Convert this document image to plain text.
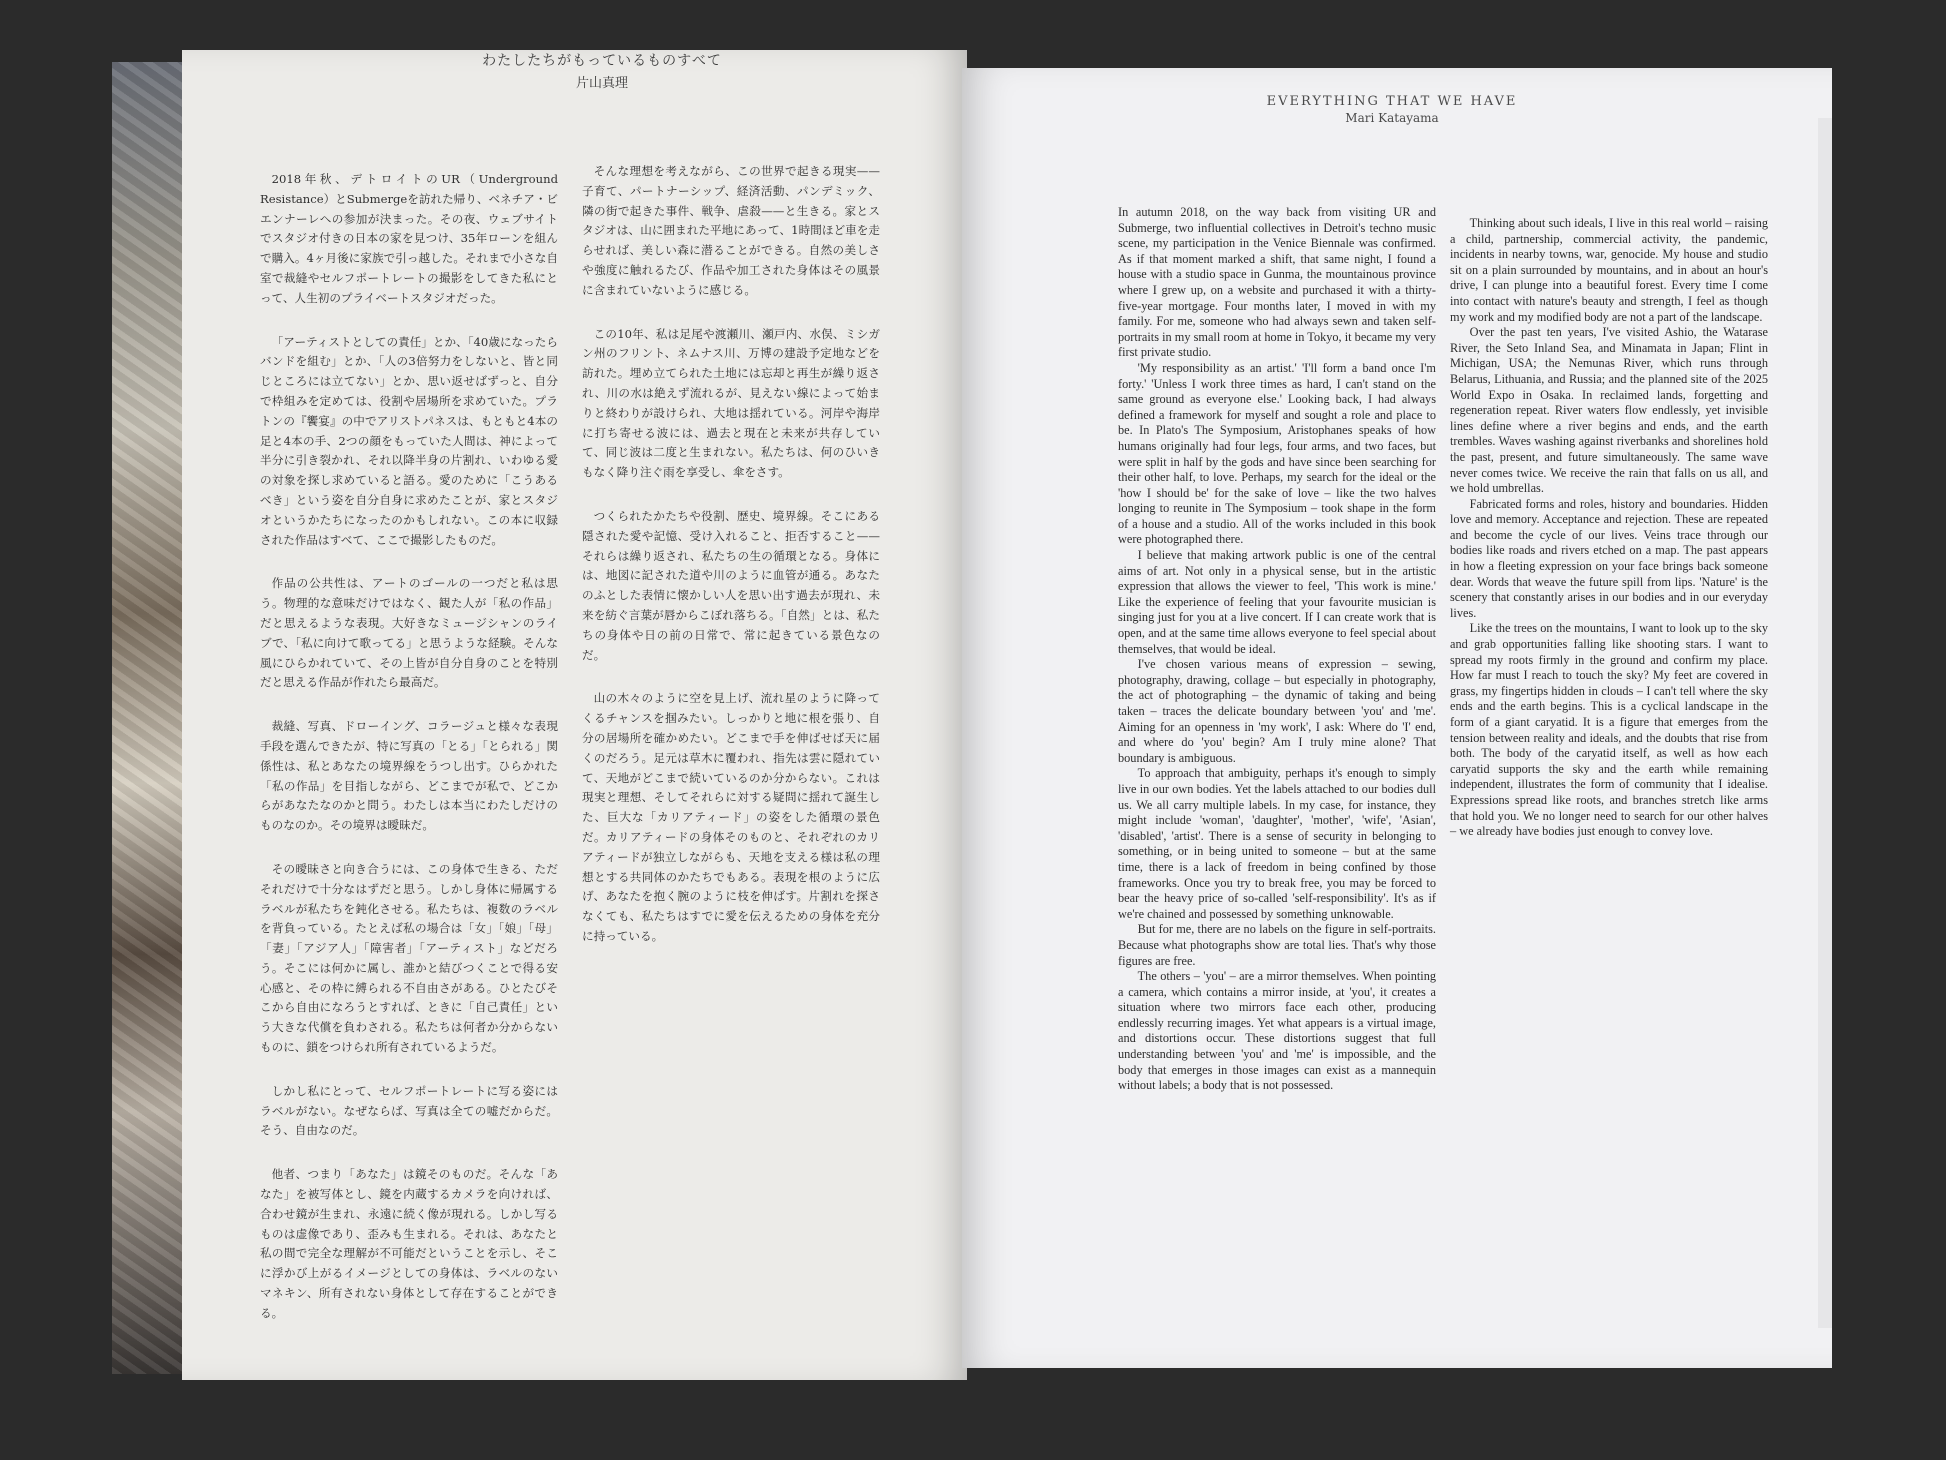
わたしたちがもっているものすべて
片山真理

2018年秋、デトロイトのUR（Underground Resistance）とSubmergeを訪れた帰り、ベネチア・ビエンナーレへの参加が決まった。その夜、ウェブサイトでスタジオ付きの日本の家を見つけ、35年ローンを組んで購入。4ヶ月後に家族で引っ越した。それまで小さな自室で裁縫やセルフポートレートの撮影をしてきた私にとって、人生初のプライベートスタジオだった。

「アーティストとしての責任」とか、「40歳になったらバンドを組む」とか、「人の3倍努力をしないと、皆と同じところには立てない」とか、思い返せばずっと、自分で枠組みを定めては、役割や居場所を求めていた。プラトンの『饗宴』の中でアリストパネスは、もともと4本の足と4本の手、2つの顔をもっていた人間は、神によって半分に引き裂かれ、それ以降半身の片割れ、いわゆる愛の対象を探し求めていると語る。愛のために「こうあるべき」という姿を自分自身に求めたことが、家とスタジオというかたちになったのかもしれない。この本に収録された作品はすべて、ここで撮影したものだ。

作品の公共性は、アートのゴールの一つだと私は思う。物理的な意味だけではなく、観た人が「私の作品」だと思えるような表現。大好きなミュージシャンのライブで、「私に向けて歌ってる」と思うような経験。そんな風にひらかれていて、その上皆が自分自身のことを特別だと思える作品が作れたら最高だ。

裁縫、写真、ドローイング、コラージュと様々な表現手段を選んできたが、特に写真の「とる」「とられる」関係性は、私とあなたの境界線をうつし出す。ひらかれた「私の作品」を目指しながら、どこまでが私で、どこからがあなたなのかと問う。わたしは本当にわたしだけのものなのか。その境界は曖昧だ。

その曖昧さと向き合うには、この身体で生きる、ただそれだけで十分なはずだと思う。しかし身体に帰属するラベルが私たちを鈍化させる。私たちは、複数のラベルを背負っている。たとえば私の場合は「女」「娘」「母」「妻」「アジア人」「障害者」「アーティスト」などだろう。そこには何かに属し、誰かと結びつくことで得る安心感と、その枠に縛られる不自由さがある。ひとたびそこから自由になろうとすれば、ときに「自己責任」という大きな代償を負わされる。私たちは何者か分からないものに、鎖をつけられ所有されているようだ。

しかし私にとって、セルフポートレートに写る姿にはラベルがない。なぜならば、写真は全ての嘘だからだ。そう、自由なのだ。

他者、つまり「あなた」は鏡そのものだ。そんな「あなた」を被写体とし、鏡を内蔵するカメラを向ければ、合わせ鏡が生まれ、永遠に続く像が現れる。しかし写るものは虚像であり、歪みも生まれる。それは、あなたと私の間で完全な理解が不可能だということを示し、そこに浮かび上がるイメージとしての身体は、ラベルのないマネキン、所有されない身体として存在することができる。

そんな理想を考えながら、この世界で起きる現実——子育て、パートナーシップ、経済活動、パンデミック、隣の街で起きた事件、戦争、虐殺——と生きる。家とスタジオは、山に囲まれた平地にあって、1時間ほど車を走らせれば、美しい森に潜ることができる。自然の美しさや強度に触れるたび、作品や加工された身体はその風景に含まれていないように感じる。

この10年、私は足尾や渡瀬川、瀬戸内、水俣、ミシガン州のフリント、ネムナス川、万博の建設予定地などを訪れた。埋め立てられた土地には忘却と再生が繰り返され、川の水は絶えず流れるが、見えない線によって始まりと終わりが設けられ、大地は揺れている。河岸や海岸に打ち寄せる波には、過去と現在と未来が共存していて、同じ波は二度と生まれない。私たちは、何のひいきもなく降り注ぐ雨を享受し、傘をさす。

つくられたかたちや役割、歴史、境界線。そこにある隠された愛や記憶、受け入れること、拒否すること——それらは繰り返され、私たちの生の循環となる。身体には、地図に記された道や川のように血管が通る。あなたのふとした表情に懐かしい人を思い出す過去が現れ、未来を紡ぐ言葉が唇からこぼれ落ちる。「自然」とは、私たちの身体や日の前の日常で、常に起きている景色なのだ。

山の木々のように空を見上げ、流れ星のように降ってくるチャンスを掴みたい。しっかりと地に根を張り、自分の居場所を確かめたい。どこまで手を伸ばせば天に届くのだろう。足元は草木に覆われ、指先は雲に隠れていて、天地がどこまで続いているのか分からない。これは現実と理想、そしてそれらに対する疑問に揺れて誕生した、巨大な「カリアティード」の姿をした循環の景色だ。カリアティードの身体そのものと、それぞれのカリアティードが独立しながらも、天地を支える様は私の理想とする共同体のかたちでもある。表現を根のように広げ、あなたを抱く腕のように枝を伸ばす。片割れを探さなくても、私たちはすでに愛を伝えるための身体を充分に持っている。

EVERYTHING THAT WE HAVE
Mari Katayama

In autumn 2018, on the way back from visiting UR and Submerge, two influential collectives in Detroit's techno music scene, my participation in the Venice Biennale was confirmed. As if that moment marked a shift, that same night, I found a house with a studio space in Gunma, the mountainous province where I grew up, on a website and purchased it with a thirty-five-year mortgage. Four months later, I moved in with my family. For me, someone who had always sewn and taken self-portraits in my small room at home in Tokyo, it became my very first private studio.

'My responsibility as an artist.' 'I'll form a band once I'm forty.' 'Unless I work three times as hard, I can't stand on the same ground as everyone else.' Looking back, I had always defined a framework for myself and sought a role and place to be. In Plato's The Symposium, Aristophanes speaks of how humans originally had four legs, four arms, and two faces, but were split in half by the gods and have since been searching for their other half, to love. Perhaps, my search for the ideal or the 'how I should be' for the sake of love – like the two halves longing to reunite in The Symposium – took shape in the form of a house and a studio. All of the works included in this book were photographed there.

I believe that making artwork public is one of the central aims of art. Not only in a physical sense, but in the artistic expression that allows the viewer to feel, 'This work is mine.' Like the experience of feeling that your favourite musician is singing just for you at a live concert. If I can create work that is open, and at the same time allows everyone to feel special about themselves, that would be ideal.

I've chosen various means of expression – sewing, photography, drawing, collage – but especially in photography, the act of photographing – the dynamic of taking and being taken – traces the delicate boundary between 'you' and 'me'. Aiming for an openness in 'my work', I ask: Where do 'I' end, and where do 'you' begin? Am I truly mine alone? That boundary is ambiguous.

To approach that ambiguity, perhaps it's enough to simply live in our own bodies. Yet the labels attached to our bodies dull us. We all carry multiple labels. In my case, for instance, they might include 'woman', 'daughter', 'mother', 'wife', 'Asian', 'disabled', 'artist'. There is a sense of security in belonging to something, or in being united to someone – but at the same time, there is a lack of freedom in being confined by those frameworks. Once you try to break free, you may be forced to bear the heavy price of so-called 'self-responsibility'. It's as if we're chained and possessed by something unknowable.

But for me, there are no labels on the figure in self-portraits. Because what photographs show are total lies. That's why those figures are free.

The others – 'you' – are a mirror themselves. When pointing a camera, which contains a mirror inside, at 'you', it creates a situation where two mirrors face each other, producing endlessly recurring images. Yet what appears is a virtual image, and distortions occur. These distortions suggest that full understanding between 'you' and 'me' is impossible, and the body that emerges in those images can exist as a mannequin without labels; a body that is not possessed.

Thinking about such ideals, I live in this real world – raising a child, partnership, commercial activity, the pandemic, incidents in nearby towns, war, genocide. My house and studio sit on a plain surrounded by mountains, and in about an hour's drive, I can plunge into a beautiful forest. Every time I come into contact with nature's beauty and strength, I feel as though my work and my modified body are not a part of the landscape.

Over the past ten years, I've visited Ashio, the Watarase River, the Seto Inland Sea, and Minamata in Japan; Flint in Michigan, USA; the Nemunas River, which runs through Belarus, Lithuania, and Russia; and the planned site of the 2025 World Expo in Osaka. In reclaimed lands, forgetting and regeneration repeat. River waters flow endlessly, yet invisible lines define where a river begins and ends, and the earth trembles. Waves washing against riverbanks and shorelines hold the past, present, and future simultaneously. The same wave never comes twice. We receive the rain that falls on us all, and we hold umbrellas.

Fabricated forms and roles, history and boundaries. Hidden love and memory. Acceptance and rejection. These are repeated and become the cycle of our lives. Veins trace through our bodies like roads and rivers etched on a map. The past appears in how a fleeting expression on your face brings back someone dear. Words that weave the future spill from lips. 'Nature' is the scenery that constantly arises in our bodies and in our everyday lives.

Like the trees on the mountains, I want to look up to the sky and grab opportunities falling like shooting stars. I want to spread my roots firmly in the ground and confirm my place. How far must I reach to touch the sky? My feet are covered in grass, my fingertips hidden in clouds – I can't tell where the sky ends and the earth begins. This is a cyclical landscape in the form of a giant caryatid. It is a figure that emerges from the tension between reality and ideals, and the doubts that rise from both. The body of the caryatid itself, as well as how each caryatid supports the sky and the earth while remaining independent, illustrates the form of community that I idealise. Expressions spread like roots, and branches stretch like arms that hold you. We no longer need to search for our other halves – we already have bodies just enough to convey love.
